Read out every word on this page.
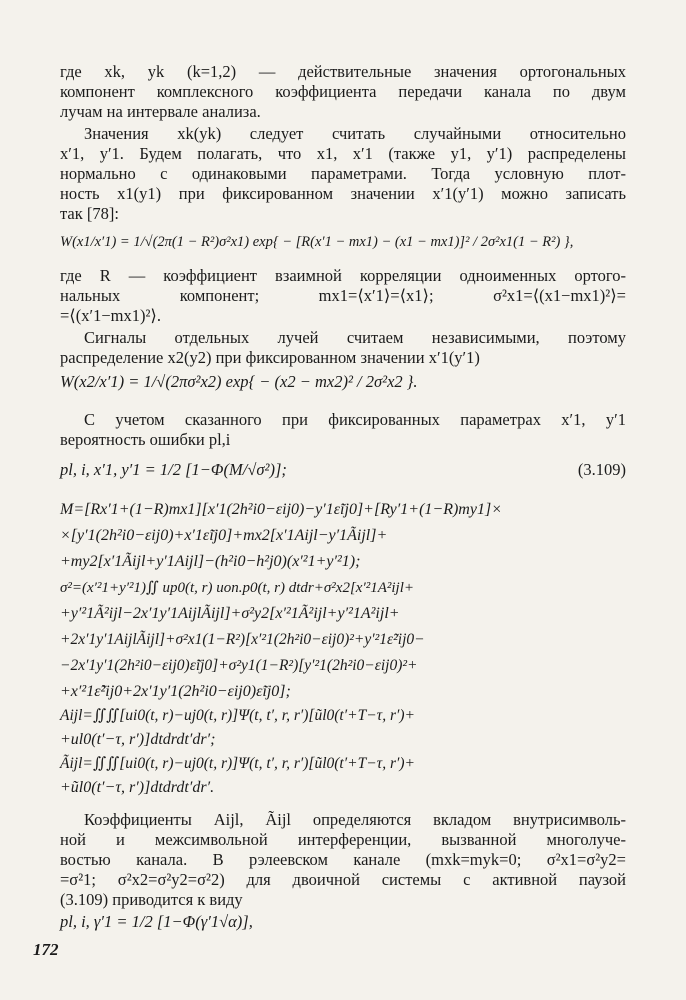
где xk, yk (k=1,2) — действительные значения ортогональных
компонент комплексного коэффициента передачи канала по двум
лучам на интервале анализа.
Значения xk(yk) следует считать случайными относительно
x′1, y′1. Будем полагать, что x1, x′1 (также y1, y′1) распределены
нормально с одинаковыми параметрами. Тогда условную плот-
ность x1(y1) при фиксированном значении x′1(y′1) можно записать
так [78]:
W(x1/x′1) = 1/√(2π(1 − R²)σ²x1) exp{ − [R(x′1 − mx1) − (x1 − mx1)]² / 2σ²x1(1 − R²) },
где R — коэффициент взаимной корреляции одноименных ортого-
нальных компонент; mx1=⟨x′1⟩=⟨x1⟩; σ²x1=⟨(x1−mx1)²⟩=
=⟨(x′1−mx1)²⟩.
Сигналы отдельных лучей считаем независимыми, поэтому
распределение x2(y2) при фиксированном значении x′1(y′1)
W(x2/x′1) = 1/√(2πσ²x2) exp{ − (x2 − mx2)² / 2σ²x2 }.
С учетом сказанного при фиксированных параметрах x′1, y′1
вероятность ошибки pl,i
pl, i, x′1, y′1 = 1/2 [1−Φ(M/√σ²)];	(3.109)
M=[Rx′1+(1−R)mx1][x′1(2h²i0−εij0)−y′1ε̃ij0]+[Ry′1+(1−R)my1]×
×[y′1(2h²i0−εij0)+x′1ε̃ij0]+mx2[x′1Aijl−y′1Ãijl]+
+my2[x′1Ãijl+y′1Aijl]−(h²i0−h²j0)(x′²1+y′²1);
σ²=(x′²1+y′²1)∬ up0(t, r) uоп.p0(t, r) dtdr+σ²x2[x′²1A²ijl+
+y′²1Ã²ijl−2x′1y′1AijlÃijl]+σ²y2[x′²1Ã²ijl+y′²1A²ijl+
+2x′1y′1AijlÃijl]+σ²x1(1−R²)[x′²1(2h²i0−εij0)²+y′²1ε̃²ij0−
−2x′1y′1(2h²i0−εij0)ε̃ij0]+σ²y1(1−R²)[y′²1(2h²i0−εij0)²+
+x′²1ε̃²ij0+2x′1y′1(2h²i0−εij0)ε̃ij0];
Aijl=∬∬[ui0(t, r)−uj0(t, r)]Ψ(t, t′, r, r′)[ũl0(t′+T−τ, r′)+
+ul0(t′−τ, r′)]dtdrdt′dr′;
Ãijl=∬∬[ui0(t, r)−uj0(t, r)]Ψ(t, t′, r, r′)[ũl0(t′+T−τ, r′)+
+ũl0(t′−τ, r′)]dtdrdt′dr′.
Коэффициенты Aijl, Ãijl определяются вкладом внутрисимволь-
ной и межсимвольной интерференции, вызванной многолуче-
востью канала. В рэлеевском канале (mxk=myk=0; σ²x1=σ²y2=
=σ²1; σ²x2=σ²y2=σ²2) для двоичной системы с активной паузой
(3.109) приводится к виду
pl, i, γ′1 = 1/2 [1−Φ(γ′1√α)],
172
